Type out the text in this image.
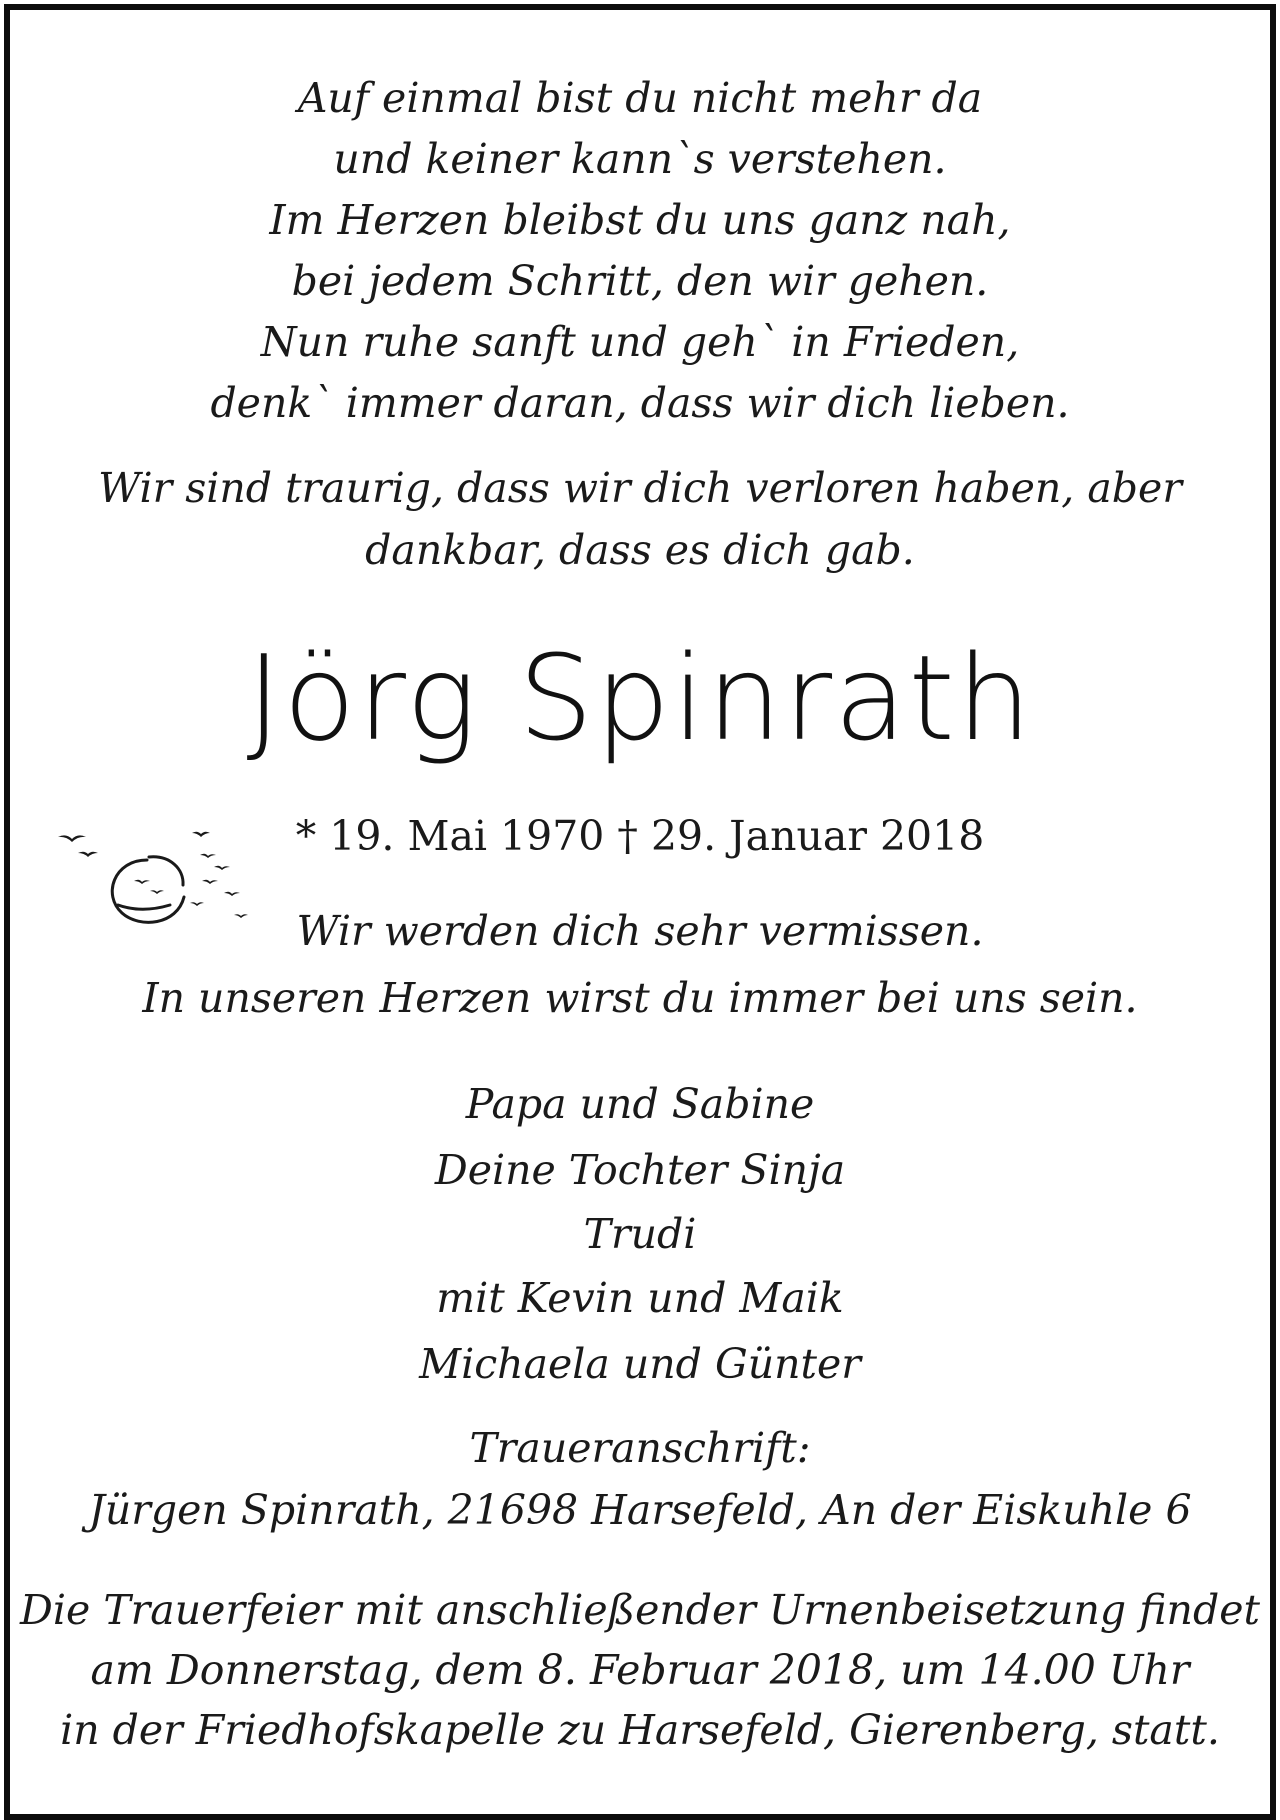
Auf einmal bist du nicht mehr da
und keiner kann`s verstehen.
Im Herzen bleibst du uns ganz nah,
bei jedem Schritt, den wir gehen.
Nun ruhe sanft und geh` in Frieden,
denk` immer daran, dass wir dich lieben.
Wir sind traurig, dass wir dich verloren haben, aber
dankbar, dass es dich gab.
Jörg Spinrath
* 19. Mai 1970 † 29. Januar 2018
Wir werden dich sehr vermissen.
In unseren Herzen wirst du immer bei uns sein.
Papa und Sabine
Deine Tochter Sinja
Trudi
mit Kevin und Maik
Michaela und Günter
Traueranschrift:
Jürgen Spinrath, 21698 Harsefeld, An der Eiskuhle 6
Die Trauerfeier mit anschließender Urnenbeisetzung findet
am Donnerstag, dem 8. Februar 2018, um 14.00 Uhr
in der Friedhofskapelle zu Harsefeld, Gierenberg, statt.
